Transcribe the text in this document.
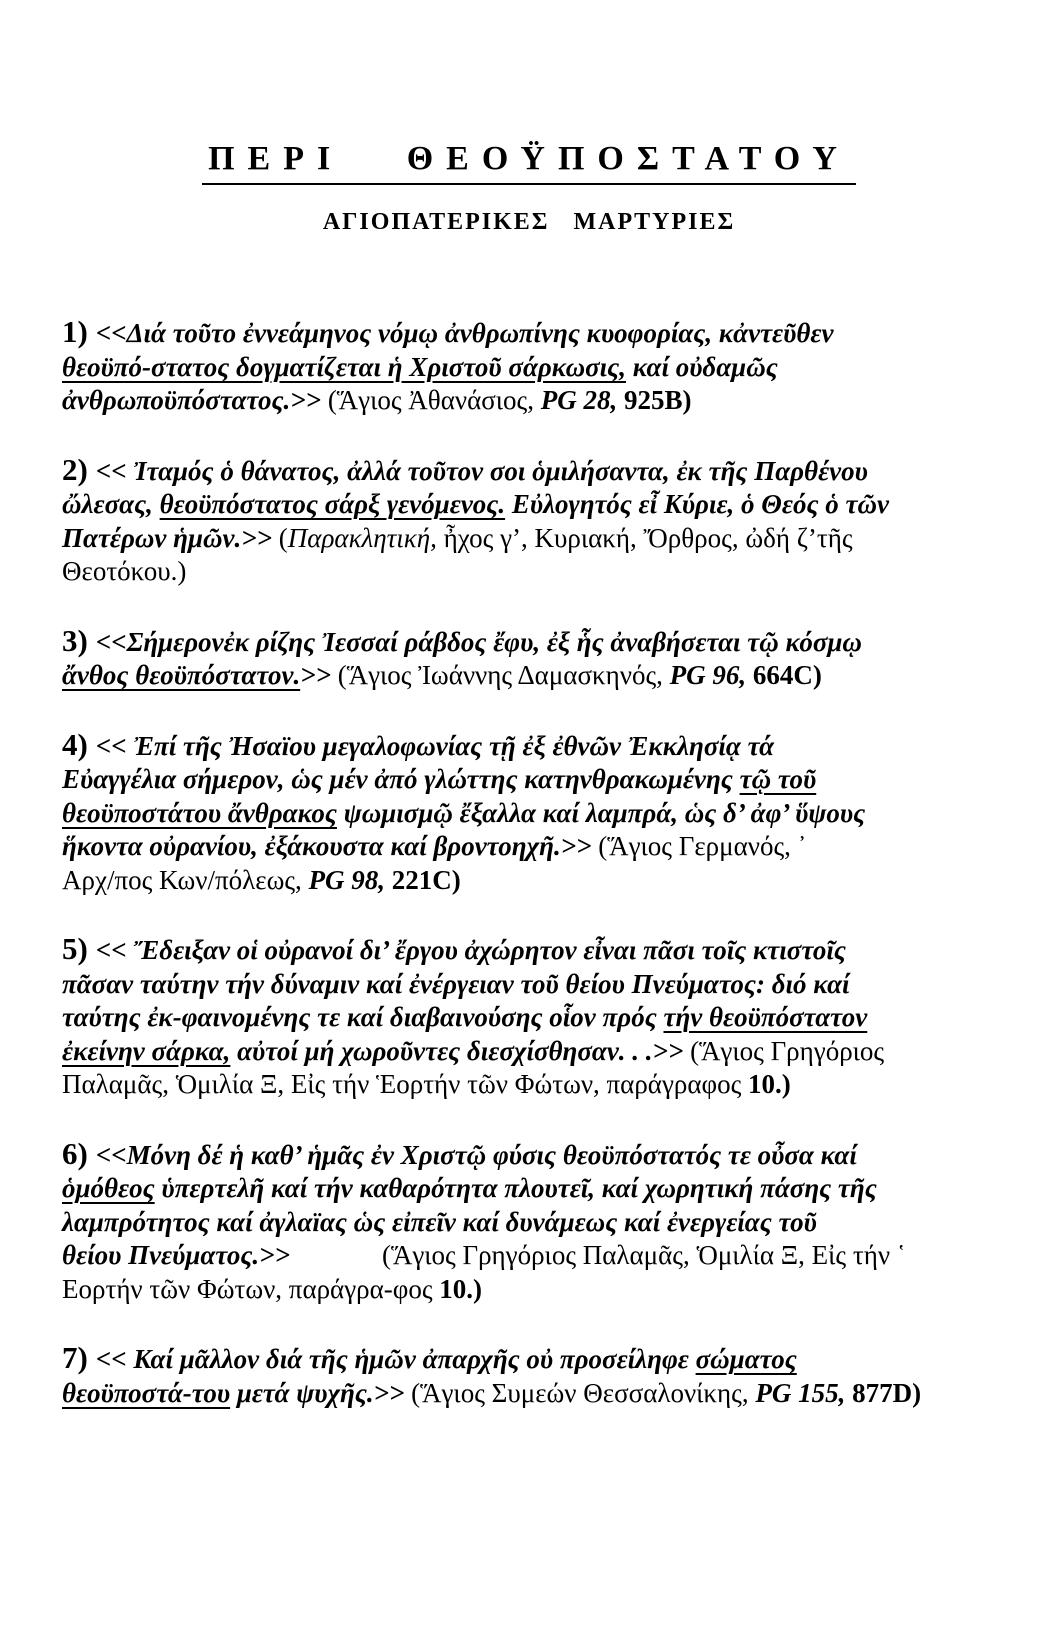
ΠΕΡΙ ΘΕΟΫΠΟΣΤΑΤΟΥ
ΑΓΙΟΠΑΤΕΡΙΚΕΣ ΜΑΡΤΥΡΙΕΣ
1) <<Διά τοῦτο ἐννεάμηνος νόμῳ ἀνθρωπίνης κυοφορίας, κἀντεῦθεν
θεοϋπό-στατος δογματίζεται ἡ Χριστοῦ σάρκωσις, καί οὐδαμῶς
ἀνθρωποϋπόστατος.>> (Ἅγιος Ἀθανάσιος, PG 28, 925B)
2) << Ἰταμός ὁ θάνατος, ἀλλά τοῦτον σοι ὁμιλήσαντα, ἐκ τῆς Παρθένου
ὤλεσας, θεοϋπόστατος σάρξ γενόμενος. Εὐλογητός εἶ Κύριε, ὁ Θεός ὁ τῶν
Πατέρων ἡμῶν.>> (Παρακλητική, ἦχος γ’, Κυριακή, Ὄρθρος, ὠδή ζ’τῆς
Θεοτόκου.)
3) <<Σήμερονἐκ ρίζης Ἰεσσαί ράβδος ἔφυ, ἐξ ἧς ἀναβήσεται τῷ κόσμῳ
ἄνθος θεοϋπόστατον.>> (Ἅγιος Ἰωάννης Δαμασκηνός, PG 96, 664C)
4) << Ἐπί τῆς Ἠσαϊου μεγαλοφωνίας τῇ ἐξ ἐθνῶν Ἐκκλησίᾳ τά
Εὐαγγέλια σήμερον, ὡς μέν ἀπό γλώττης κατηνθρακωμένης τῷ τοῦ
θεοϋποστάτου ἄνθρακος ψωμισμῷ ἔξαλλα καί λαμπρά, ὡς δ’ ἀφ’ ὕψους
ἥκοντα οὐρανίου, ἐξάκουστα καί βροντοηχῆ.>> (Ἅγιος Γερμανός, ᾽
Αρχ/πος Κων/πόλεως, PG 98, 221C)
5) << Ἔδειξαν οἱ οὐρανοί δι’ ἔργου ἀχώρητον εἶναι πᾶσι τοῖς κτιστοῖς
πᾶσαν ταύτην τήν δύναμιν καί ἐνέργειαν τοῦ θείου Πνεύματος: διό καί
ταύτης ἐκ-φαινομένης τε καί διαβαινούσης οἷον πρός τήν θεοϋπόστατον
ἐκείνην σάρκα, αὐτοί μή χωροῦντες διεσχίσθησαν. . .>> (Ἅγιος Γρηγόριος
Παλαμᾶς, Ὁμιλία Ξ, Εἰς τήν Ἑορτήν τῶν Φώτων, παράγραφος 10.)
6) <<Μόνη δέ ἡ καθ’ ἡμᾶς ἐν Χριστῷ φύσις θεοϋπόστατός τε οὖσα καί
ὁμόθεος ὑπερτελῆ καί τήν καθαρότητα πλουτεῖ, καί χωρητική πάσης τῆς
λαμπρότητος καί ἀγλαϊας ὡς εἰπεῖν καί δυνάμεως καί ἐνεργείας τοῦ
θείου Πνεύματος.>>	(Ἅγιος Γρηγόριος Παλαμᾶς, Ὁμιλία Ξ, Εἰς τήν ῾
Εορτήν τῶν Φώτων, παράγρα-φος 10.)
7) << Καί μᾶλλον διά τῆς ἡμῶν ἀπαρχῆς οὐ προσείληφε σώματος
θεοϋποστά-του μετά ψυχῆς.>> (Ἅγιος Συμεών Θεσσαλονίκης, PG 155, 877D)
